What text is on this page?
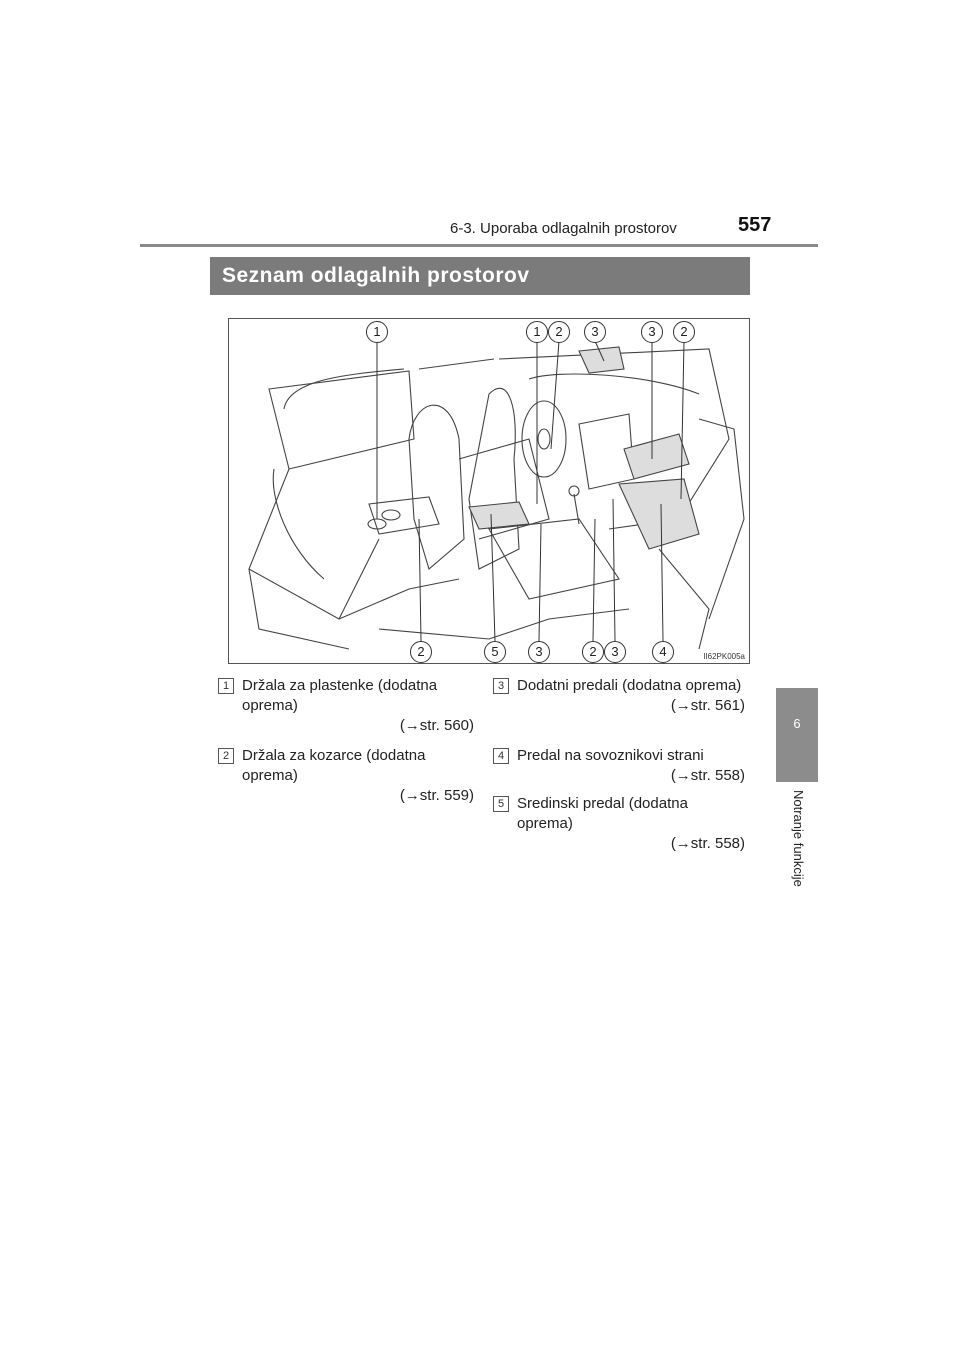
6-3. Uporaba odlagalnih prostorov	557
6
Notranje funkcije
Seznam odlagalnih prostorov
1	1	2	3	3	2
2	5	3	2	3	4	II62PK005a
1 Držala za plastenke (dodatna oprema)
(→str. 560)
2 Držala za kozarce (dodatna oprema)
(→str. 559)
3 Dodatni predali (dodatna oprema)
(→str. 561)
4 Predal na sovoznikovi strani
(→str. 558)
5 Sredinski predal (dodatna oprema)
(→str. 558)
